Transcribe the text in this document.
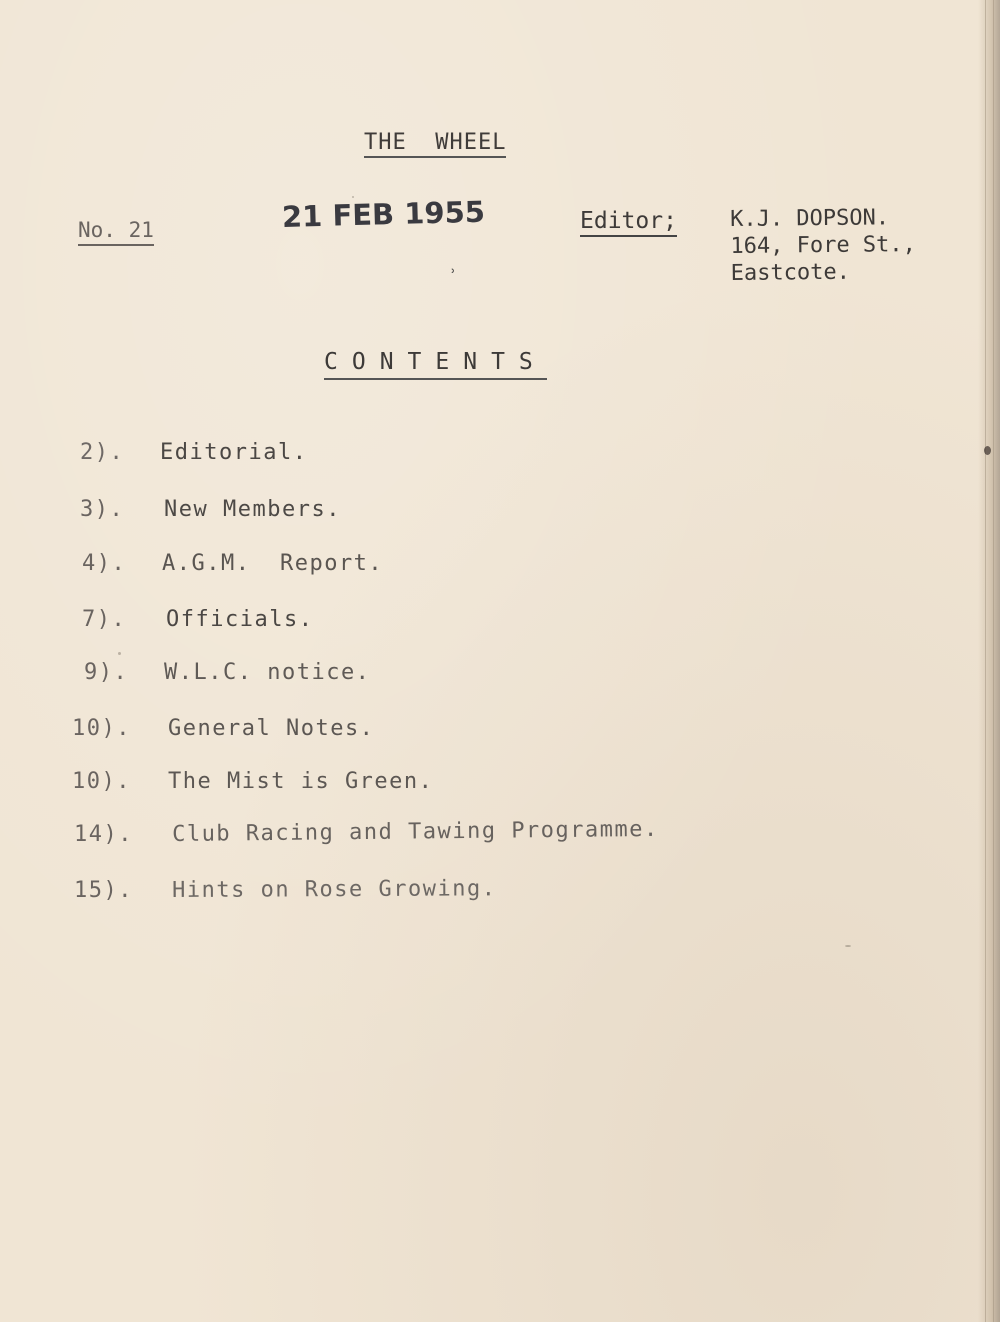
THE  WHEEL
No. 21	21 FEB 1955	Editor; K.J. DOPSON.
164, Fore St.,
Eastcote.
ʾ
CONTENTS

2).

Editorial.

3).

New Members.

4).

A.G.M.  Report.

7).

Officials.

9).

W.L.C. notice.

10).

General Notes.

10).

The Mist is Green.

14).

Club Racing and Tawing Programme.

15).

Hints on Rose Growing.
